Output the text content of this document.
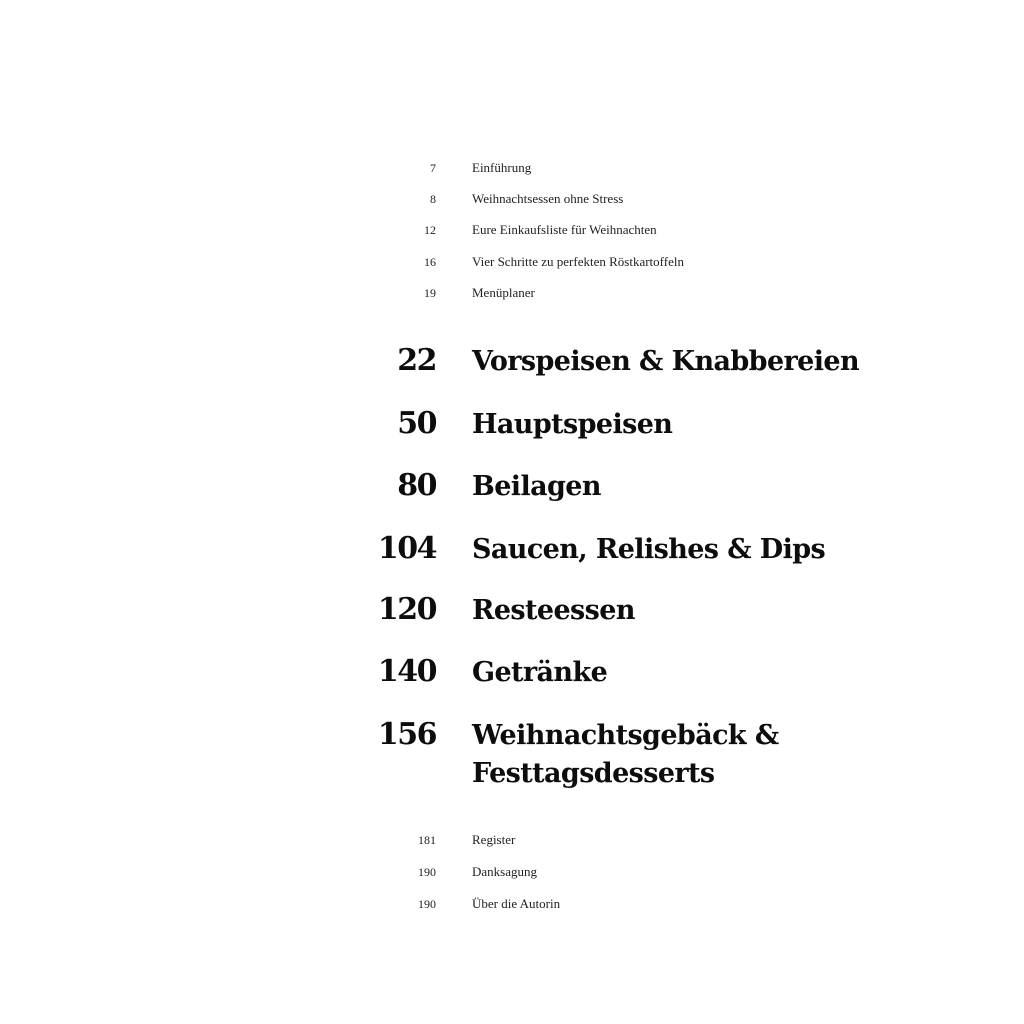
7	Einführung
8	Weihnachtsessen ohne Stress
12	Eure Einkaufsliste für Weihnachten
16	Vier Schritte zu perfekten Röstkartoffeln
19	Menüplaner
22 Vorspeisen & Knabbereien
50 Hauptspeisen
80 Beilagen
104 Saucen, Relishes & Dips
120 Resteessen
140 Getränke
156 Weihnachtsgebäck &
Festtagsdesserts
181	Register
190	Danksagung
190	Über die Autorin
